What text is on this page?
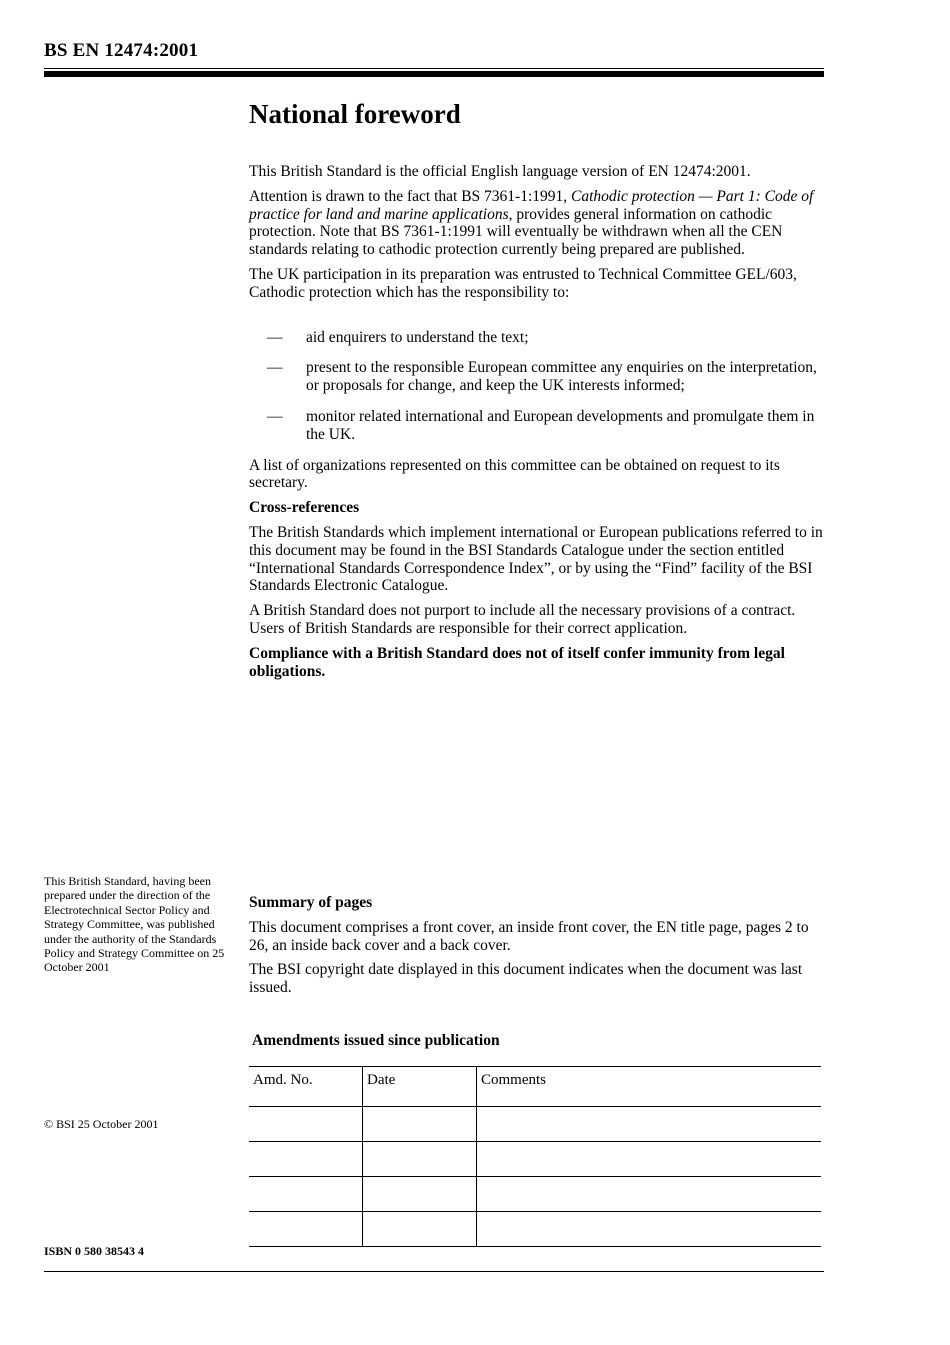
BS EN 12474:2001
National foreword

This British Standard is the official English language version of EN 12474:2001.

Attention is drawn to the fact that BS 7361-1:1991, Cathodic protection — Part 1: Code of practice for land and marine applications, provides general information on cathodic protection. Note that BS 7361-1:1991 will eventually be withdrawn when all the CEN standards relating to cathodic protection currently being prepared are published.

The UK participation in its preparation was entrusted to Technical Committee GEL/603, Cathodic protection which has the responsibility to:

— aid enquirers to understand the text;
— present to the responsible European committee any enquiries on the interpretation, or proposals for change, and keep the UK interests informed;
— monitor related international and European developments and promulgate them in the UK.

A list of organizations represented on this committee can be obtained on request to its secretary.

Cross-references

The British Standards which implement international or European publications referred to in this document may be found in the BSI Standards Catalogue under the section entitled “International Standards Correspondence Index”, or by using the “Find” facility of the BSI Standards Electronic Catalogue.

A British Standard does not purport to include all the necessary provisions of a contract. Users of British Standards are responsible for their correct application.

Compliance with a British Standard does not of itself confer immunity from legal obligations.

This British Standard, having been prepared under the direction of the Electrotechnical Sector Policy and Strategy Committee, was published under the authority of the Standards Policy and Strategy Committee on 25 October 2001

Summary of pages

This document comprises a front cover, an inside front cover, the EN title page, pages 2 to 26, an inside back cover and a back cover.

The BSI copyright date displayed in this document indicates when the document was last issued.

Amendments issued since publication
Amd. No.	Date	Comments

© BSI 25 October 2001
ISBN 0 580 38543 4
